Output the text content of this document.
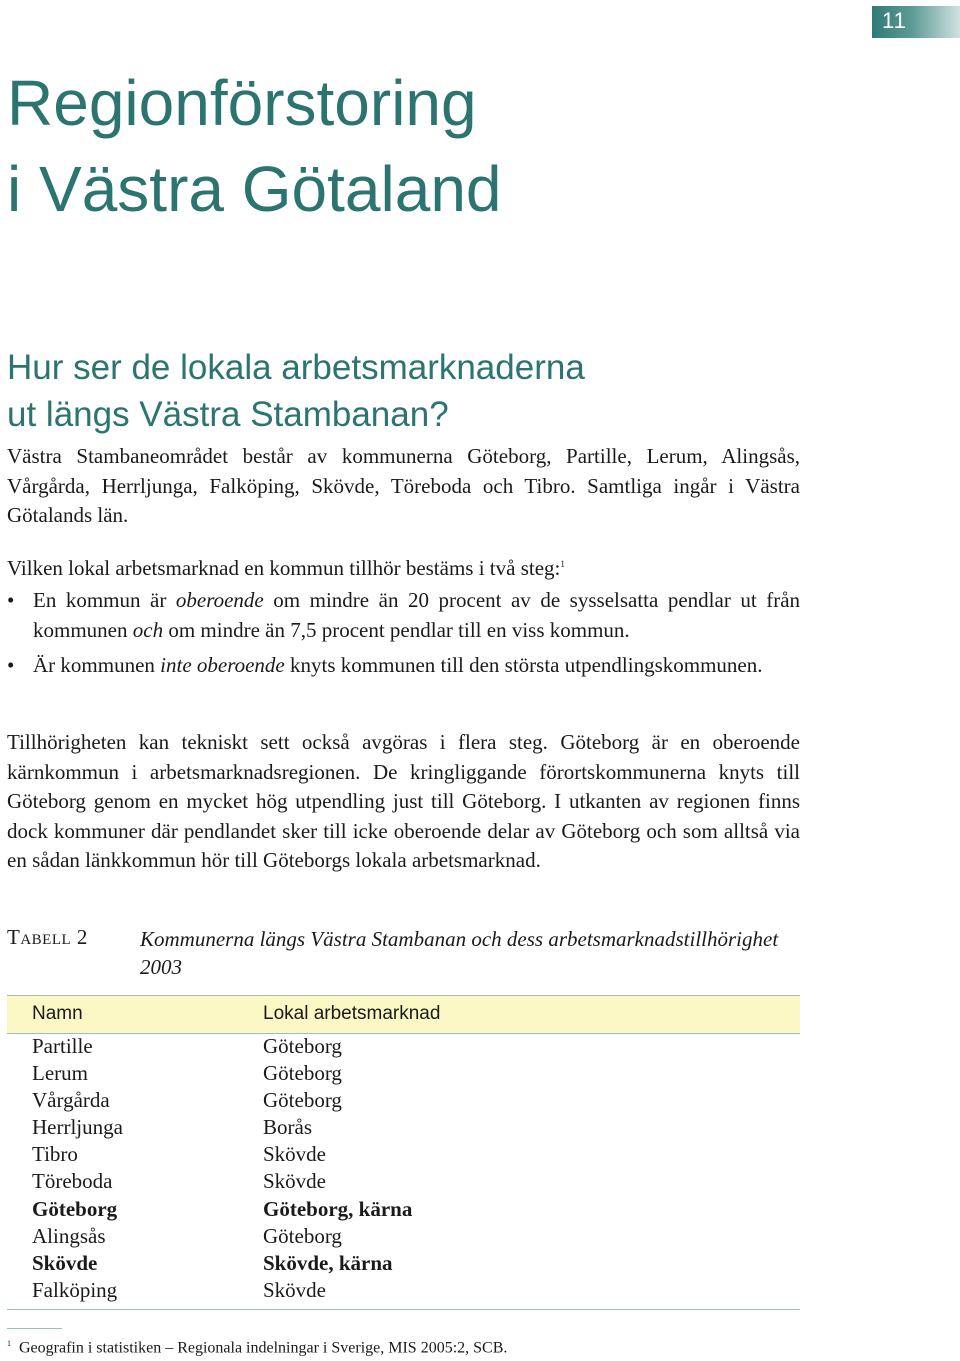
11
Regionförstoring
i Västra Götaland
Hur ser de lokala arbetsmarknaderna
ut längs Västra Stambanan?

Västra Stambaneområdet består av kommunerna Göteborg, Partille, Lerum, Alingsås, Vårgårda, Herrljunga, Falköping, Skövde, Töreboda och Tibro. Samtliga ingår i Västra Götalands län.

Vilken lokal arbetsmarknad en kommun tillhör bestäms i två steg:$^1$

• En kommun är oberoende om mindre än 20 procent av de sysselsatta pendlar ut från kommunen och om mindre än 7,5 procent pendlar till en viss kommun.
• Är kommunen inte oberoende knyts kommunen till den största utpendlingskommunen.

Tillhörigheten kan tekniskt sett också avgöras i flera steg. Göteborg är en oberoende kärnkommun i arbetsmarknadsregionen. De kringliggande förortskommunerna knyts till Göteborg genom en mycket hög utpendling just till Göteborg. I utkanten av regionen finns dock kommuner där pendlandet sker till icke oberoende delar av Göteborg och som alltså via en sådan länkkommun hör till Göteborgs lokala arbetsmarknad.

Tabell 2 Kommunerna längs Västra Stambanan och dess arbetsmarknadstillhörighet 2003
Namn	Lokal arbetsmarknad
Partille	Göteborg
Lerum	Göteborg
Vårgårda	Göteborg
Herrljunga	Borås
Tibro	Skövde
Töreboda	Skövde
Göteborg	Göteborg, kärna
Alingsås	Göteborg
Skövde	Skövde, kärna
Falköping	Skövde
$^1$ Geografin i statistiken – Regionala indelningar i Sverige, MIS 2005:2, SCB.
